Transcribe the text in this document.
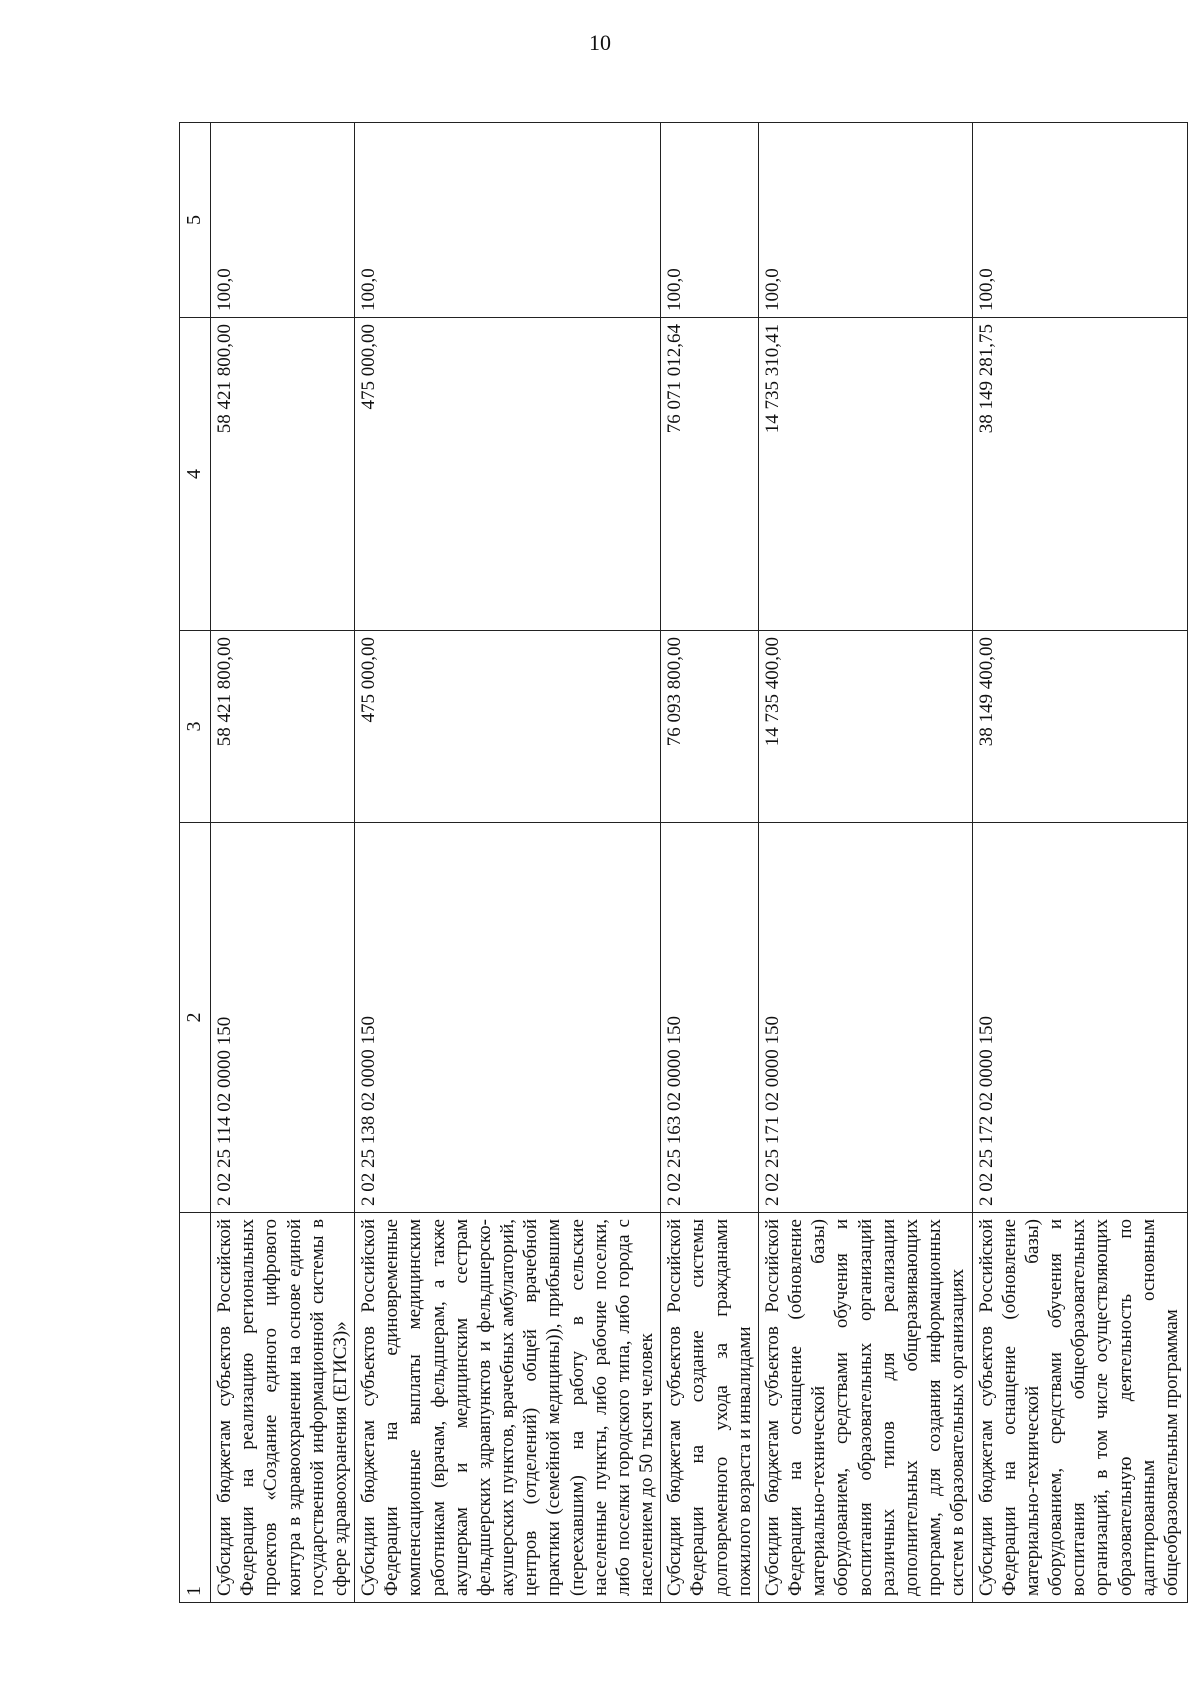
10
1	2	3	4	5
Субсидии бюджетам субъектов Российской Федерации на реализацию региональных проектов «Создание единого цифрового контура в здравоохранении на основе единой государственной информационной системы в сфере здравоохранения (ЕГИСЗ)»	2 02 25 114 02 0000 150	58 421 800,00	58 421 800,00	100,0
Субсидии бюджетам субъектов Российской Федерации на единовременные компенсационные выплаты медицинским работникам (врачам, фельдшерам, а также акушеркам и медицинским сестрам фельдшерских здравпунктов и фельдшерско-акушерских пунктов, врачебных амбулаторий, центров (отделений) общей врачебной практики (семейной медицины)), прибывшим (переехавшим) на работу в сельские населенные пункты, либо рабочие поселки, либо поселки городского типа, либо города с населением до 50 тысяч человек	2 02 25 138 02 0000 150	475 000,00	475 000,00	100,0
Субсидии бюджетам субъектов Российской Федерации на создание системы долговременного ухода за гражданами пожилого возраста и инвалидами	2 02 25 163 02 0000 150	76 093 800,00	76 071 012,64	100,0
Субсидии бюджетам субъектов Российской Федерации на оснащение (обновление материально-технической базы) оборудованием, средствами обучения и воспитания образовательных организаций различных типов для реализации дополнительных общеразвивающих программ, для создания информационных систем в образовательных организациях	2 02 25 171 02 0000 150	14 735 400,00	14 735 310,41	100,0
Субсидии бюджетам субъектов Российской Федерации на оснащение (обновление материально-технической базы) оборудованием, средствами обучения и воспитания общеобразовательных организаций, в том числе осуществляющих образовательную деятельность по адаптированным основным общеобразовательным программам	2 02 25 172 02 0000 150	38 149 400,00	38 149 281,75	100,0
